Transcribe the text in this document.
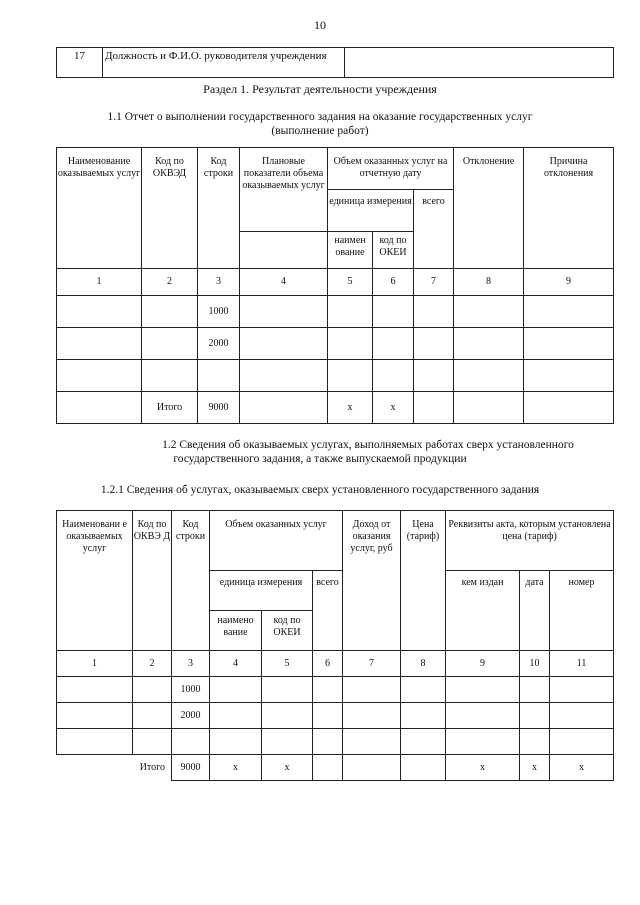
10
17	Должность и Ф.И.О. руководителя учреждения	
Раздел 1. Результат деятельности учреждения
1.1 Отчет о выполнении государственного задания на оказание государственных услуг
(выполнение работ)
Наименование оказываемых услуг	Код по ОКВЭД	Код строки	Плановые показатели объема оказываемых услуг	Объем оказанных услуг на отчетную дату			Отклонение	Причина отклонения
				единица измерения		всего		
				наимен ование	код по ОКЕИ			
1	2	3	4	5	6	7	8	9
		1000						
		2000						

	Итого	9000		х	х			
1.2 Сведения об оказываемых услугах, выполняемых работах сверх установленного
государственного задания, а также выпускаемой продукции
1.2.1 Сведения об услугах, оказываемых сверх установленного государственного задания
Наименовани е оказываемых услуг	Код по ОКВЭ Д	Код строки	Объем оказанных услуг			Доход от оказания услуг, руб	Цена (тариф)	Реквизиты акта, которым установлена цена (тариф)		
			единица измерения		всего			кем издан	дата	номер
			наимено вание	код по ОКЕИ						
1	2	3	4	5	6	7	8	9	10	11
		1000								
		2000								

Итого		9000	х	х				х	х	х
